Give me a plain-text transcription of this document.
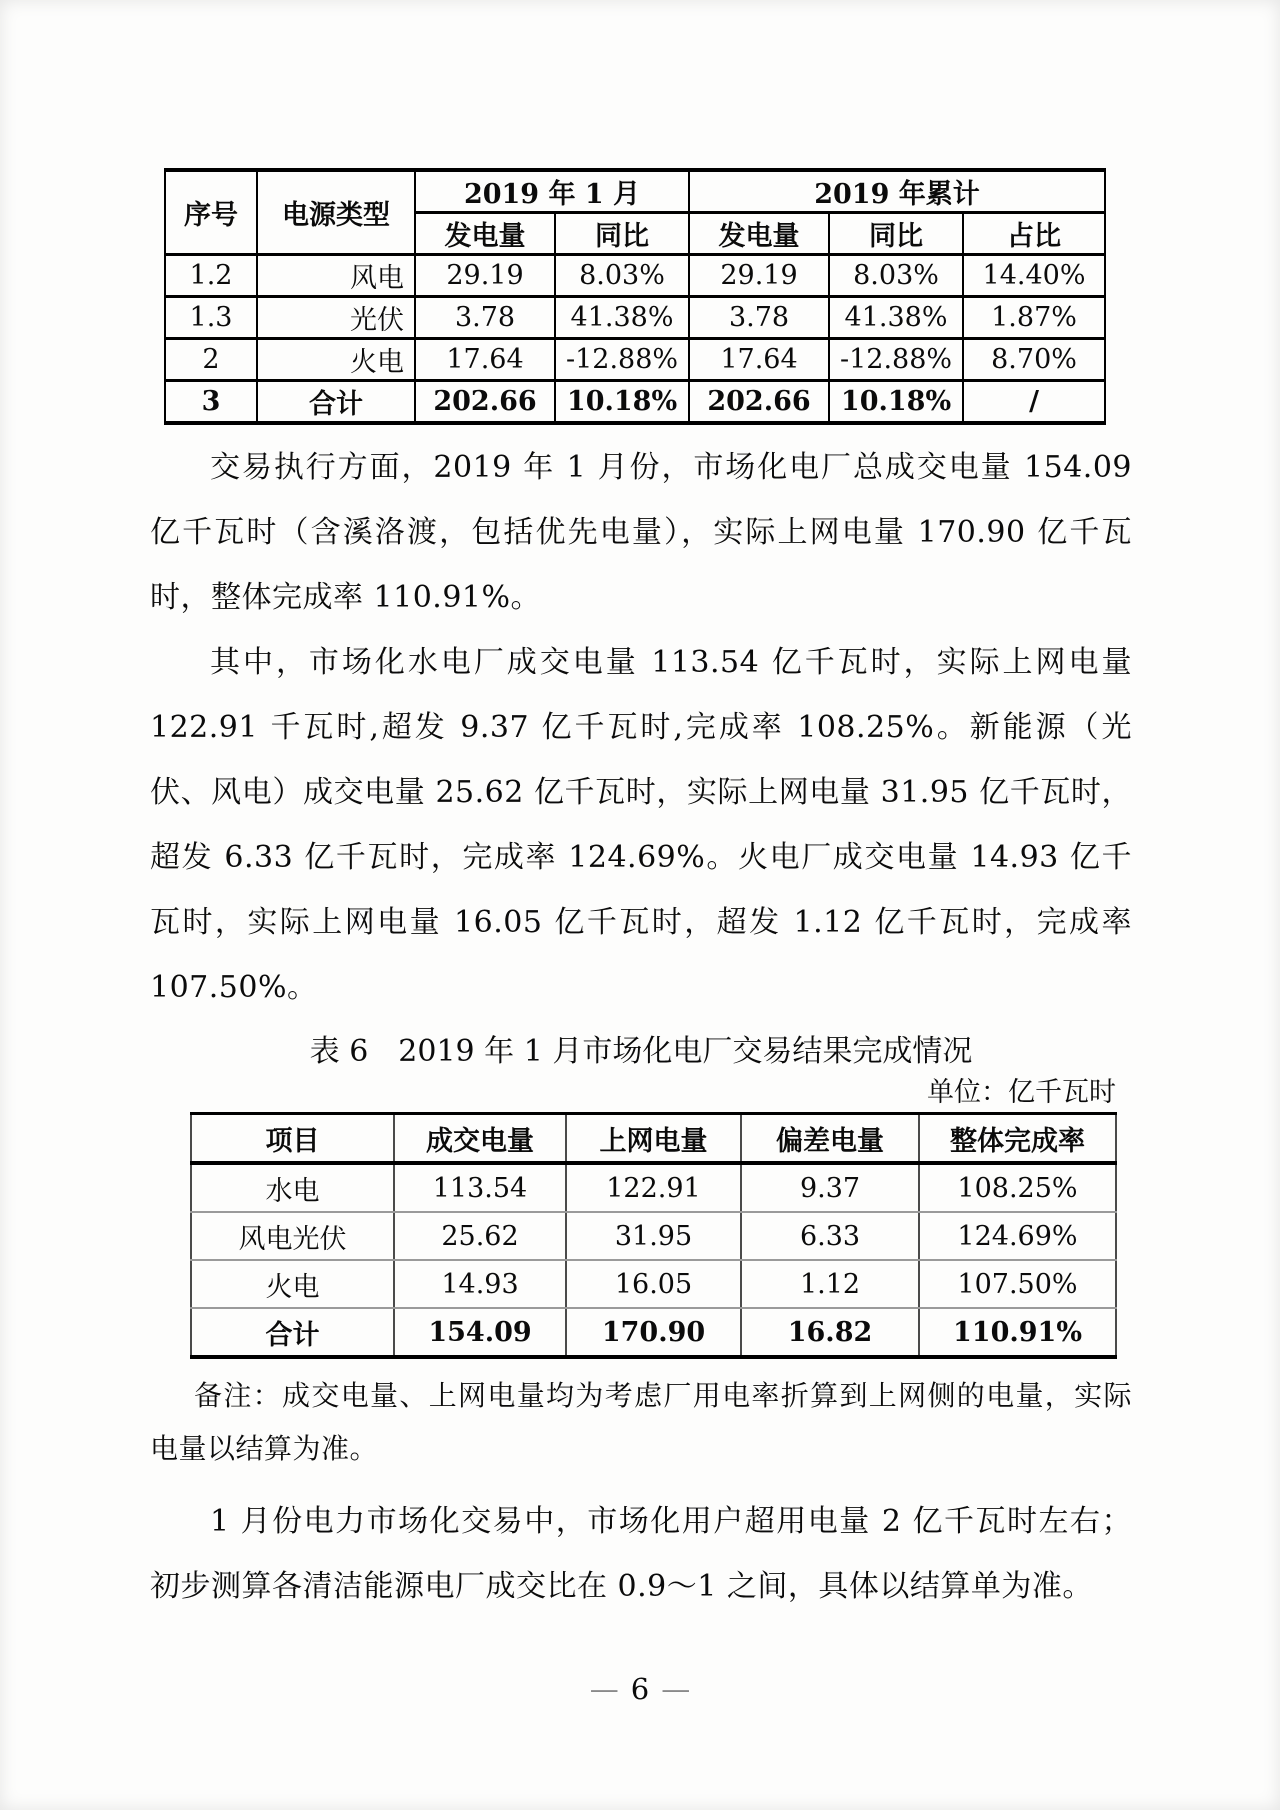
序号	电源类型	2019 年 1 月		2019 年累计		
		发电量	同比	发电量	同比	占比
1.2	风电	29.19	8.03%	29.19	8.03%	14.40%
1.3	光伏	3.78	41.38%	3.78	41.38%	1.87%
2	火电	17.64	-12.88%	17.64	-12.88%	8.70%
3	合计	202.66	10.18%	202.66	10.18%	/

交易执行方面，2019 年 1 月份，市场化电厂总成交电量 154.09 亿千瓦时（含溪洛渡，包括优先电量），实际上网电量 170.90 亿千瓦时，整体完成率 110.91%。

其中，市场化水电厂成交电量 113.54 亿千瓦时，实际上网电量 122.91 千瓦时,超发 9.37 亿千瓦时,完成率 108.25%。新能源（光伏、风电）成交电量 25.62 亿千瓦时，实际上网电量 31.95 亿千瓦时，超发 6.33 亿千瓦时，完成率 124.69%。火电厂成交电量 14.93 亿千瓦时，实际上网电量 16.05 亿千瓦时，超发 1.12 亿千瓦时，完成率 107.50%。

表 6　2019 年 1 月市场化电厂交易结果完成情况
单位：亿千瓦时
项目	成交电量	上网电量	偏差电量	整体完成率
水电	113.54	122.91	9.37	108.25%
风电光伏	25.62	31.95	6.33	124.69%
火电	14.93	16.05	1.12	107.50%
合计	154.09	170.90	16.82	110.91%

备注：成交电量、上网电量均为考虑厂用电率折算到上网侧的电量，实际电量以结算为准。

1 月份电力市场化交易中，市场化用户超用电量 2 亿千瓦时左右；初步测算各清洁能源电厂成交比在 0.9～1 之间，具体以结算单为准。

— 6 —
